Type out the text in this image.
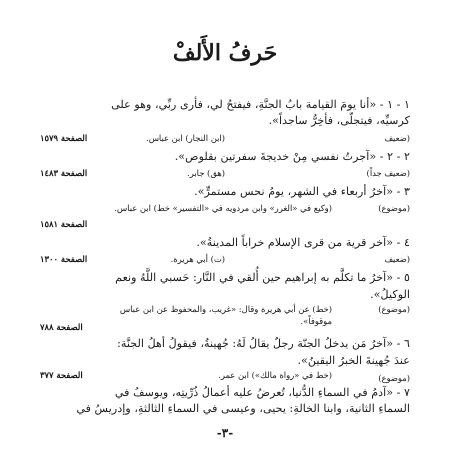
حَرفُ الأَلفْ
١ - ١ - «أنا يومَ القيامة بابُ الجنَّةِ، فيفتحُ لي، فأرى ربِّي، وهو على
كرسيِّه، فيتجلّى، فأخِرُّ ساجداً».
(ضعيف
(ابن النجار) ابن عباس.
الصفحة ١٥٧٩
٢ - ٢ - «آجرتُ نفسي مِنْ خديجةَ سفرتين بقلوص».
(ضعيف جداً)
(هق) جابر.
الصفحة ١٤٨٣
٣ - «آخرُ أربعاء في الشهر، يومُ نحس مستمرٍّ».
(موضوع)
(وكيع في «الغرر» وابن مردويه في «التفسير» خط) ابن عباس.
الصفحة ١٥٨١
٤ - «آخر قرية من قرى الإسلام خراباً المدينةُ».
(ضعيف
(ت) أبي هريرة.
الصفحة ١٣٠٠
٥ - «آخرُ ما تكلَّم به إبراهيم حين أُلقي في النَّار: حَسبي اللَّهُ ونعم
الوكيلُ».
(موضوع)
(خط) عن أبي هريرة وقال: «غريب، والمحفوظ عن ابن عباس
موقوفاً».
الصفحة ٧٨٨
٦ - «آخرُ مَن يدخلُ الجنّة رجلٌ يقالُ لَهُ: جُهينةُ، فيقولُ أهلُ الجنَّة:
عندَ جُهينةَ الخبرُ اليقينُ».
(موضوع)
(خط في «رواة مالك») ابن عمر.
الصفحة ٣٧٧
٧ - «آدمُ في السماءِ الدُّنيا، تُعرضُ عليه أعمالُ ذُرِّيتِه، ويوسفُ في
-٣-
السماءِ الثانية، وابنا الخالةِ: يحيى، وعيسى في السماءِ الثالثةِ، وإدريسُ في
